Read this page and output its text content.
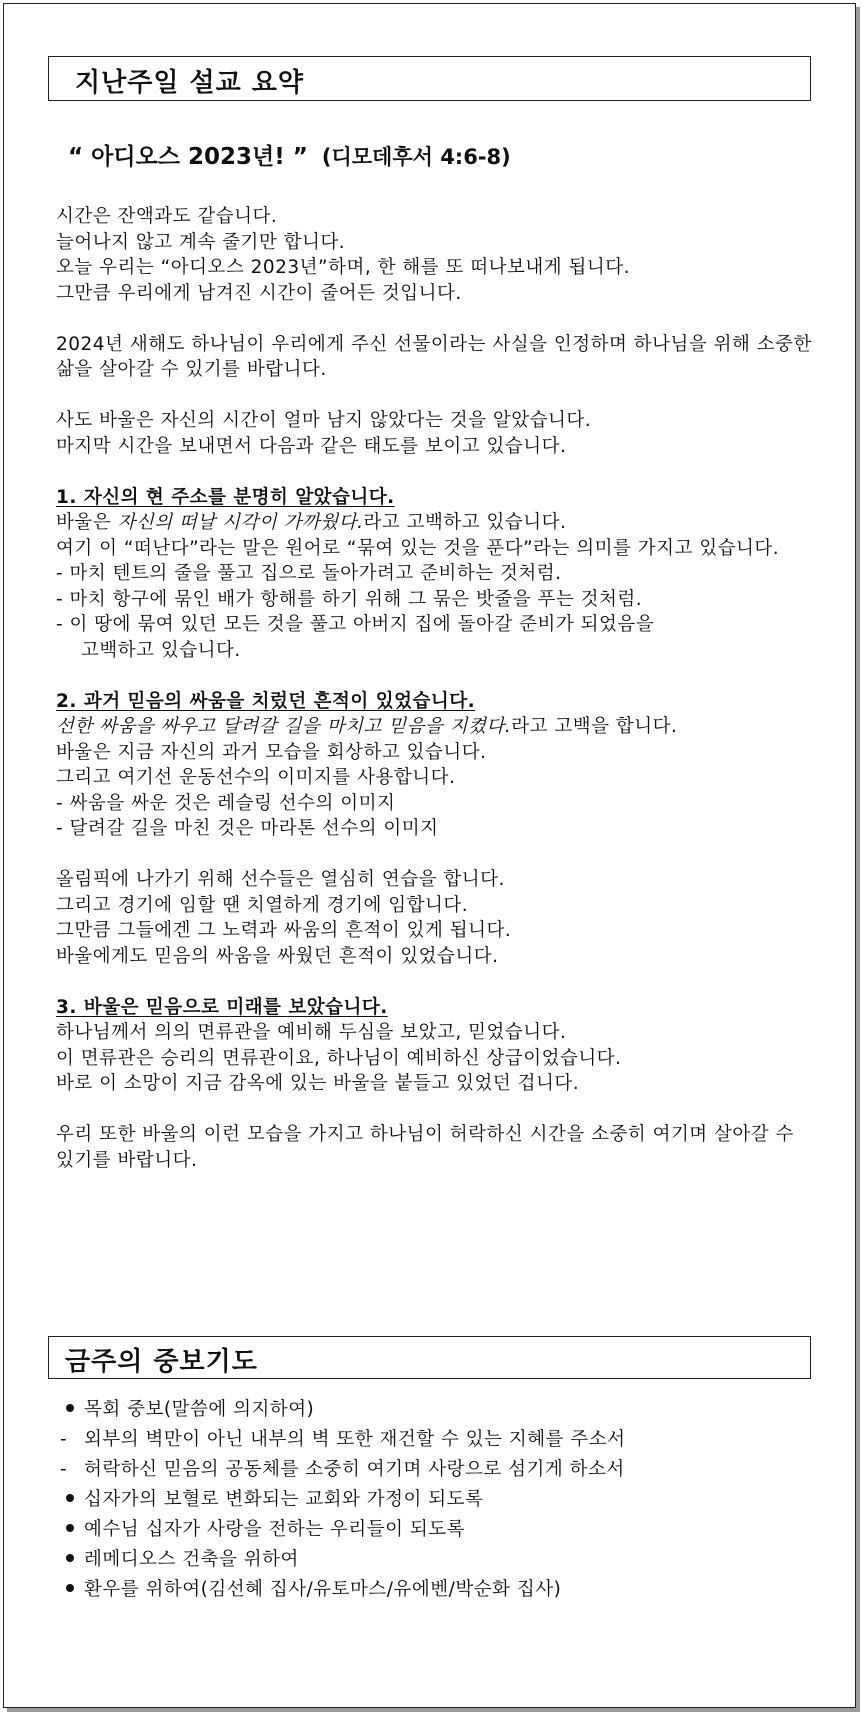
지난주일 설교 요약
“ 아디오스 2023년! ” (디모데후서 4:6-8)

시간은 잔액과도 같습니다.

늘어나지 않고 계속 줄기만 합니다.

오늘 우리는 “아디오스 2023년”하며, 한 해를 또 떠나보내게 됩니다.

그만큼 우리에게 남겨진 시간이 줄어든 것입니다.

2024년 새해도 하나님이 우리에게 주신 선물이라는 사실을 인정하며 하나님을 위해 소중한 삶을 살아갈 수 있기를 바랍니다.

사도 바울은 자신의 시간이 얼마 남지 않았다는 것을 알았습니다.

마지막 시간을 보내면서 다음과 같은 태도를 보이고 있습니다.

1. 자신의 현 주소를 분명히 알았습니다.

바울은 자신의 떠날 시각이 가까웠다.라고 고백하고 있습니다.

여기 이 “떠난다”라는 말은 원어로 “묶여 있는 것을 푼다”라는 의미를 가지고 있습니다.

- 마치 텐트의 줄을 풀고 집으로 돌아가려고 준비하는 것처럼.

- 마치 항구에 묶인 배가 항해를 하기 위해 그 묶은 밧줄을 푸는 것처럼.

- 이 땅에 묶여 있던 모든 것을 풀고 아버지 집에 돌아갈 준비가 되었음을

고백하고 있습니다.

2. 과거 믿음의 싸움을 치렀던 흔적이 있었습니다.

선한 싸움을 싸우고 달려갈 길을 마치고 믿음을 지켰다.라고 고백을 합니다.

바울은 지금 자신의 과거 모습을 회상하고 있습니다.

그리고 여기선 운동선수의 이미지를 사용합니다.

- 싸움을 싸운 것은 레슬링 선수의 이미지

- 달려갈 길을 마친 것은 마라톤 선수의 이미지

올림픽에 나가기 위해 선수들은 열심히 연습을 합니다.

그리고 경기에 임할 땐 치열하게 경기에 임합니다.

그만큼 그들에겐 그 노력과 싸움의 흔적이 있게 됩니다.

바울에게도 믿음의 싸움을 싸웠던 흔적이 있었습니다.

3. 바울은 믿음으로 미래를 보았습니다.

하나님께서 의의 면류관을 예비해 두심을 보았고, 믿었습니다.

이 면류관은 승리의 면류관이요, 하나님이 예비하신 상급이었습니다.

바로 이 소망이 지금 감옥에 있는 바울을 붙들고 있었던 겁니다.

우리 또한 바울의 이런 모습을 가지고 하나님이 허락하신 시간을 소중히 여기며 살아갈 수 있기를 바랍니다.

금주의 중보기도
목회 중보(말씀에 의지하여)
- 외부의 벽만이 아닌 내부의 벽 또한 재건할 수 있는 지혜를 주소서
- 허락하신 믿음의 공동체를 소중히 여기며 사랑으로 섬기게 하소서
십자가의 보혈로 변화되는 교회와 가정이 되도록
예수님 십자가 사랑을 전하는 우리들이 되도록
레메디오스 건축을 위하여
환우를 위하여(김선혜 집사/유토마스/유에벤/박순화 집사)
